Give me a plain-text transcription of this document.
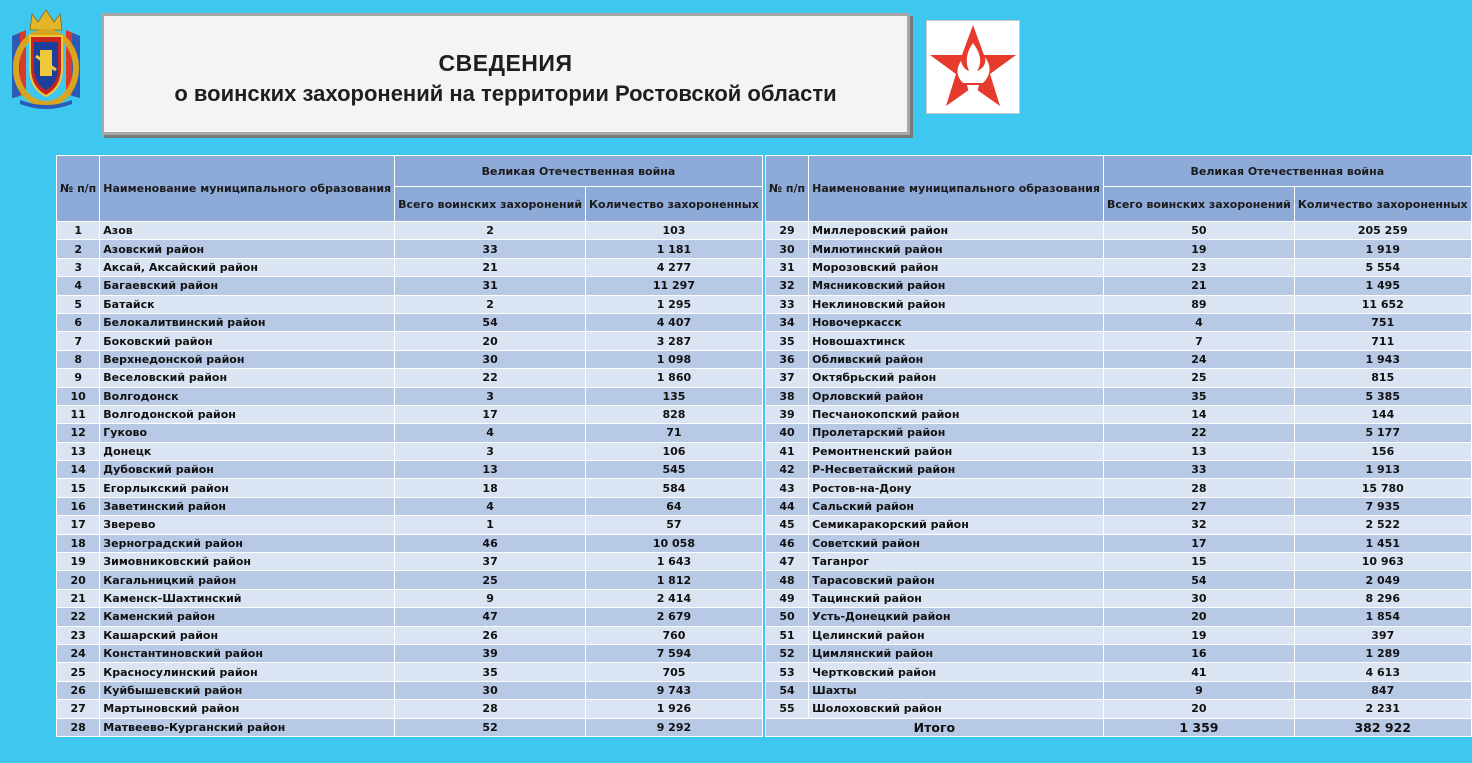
СВЕДЕНИЯ
о воинских захоронений на территории Ростовской области
№ п/п	Наименование муниципального образования	Великая Отечественная война	
		Всего воинских захоронений	Количество захороненных
1	Азов	2	103
2	Азовский район	33	1 181
3	Аксай, Аксайский район	21	4 277
4	Багаевский район	31	11 297
5	Батайск	2	1 295
6	Белокалитвинский район	54	4 407
7	Боковский район	20	3 287
8	Верхнедонской район	30	1 098
9	Веселовский район	22	1 860
10	Волгодонск	3	135
11	Волгодонской район	17	828
12	Гуково	4	71
13	Донецк	3	106
14	Дубовский район	13	545
15	Егорлыкский район	18	584
16	Заветинский район	4	64
17	Зверево	1	57
18	Зерноградский район	46	10 058
19	Зимовниковский район	37	1 643
20	Кагальницкий район	25	1 812
21	Каменск-Шахтинский	9	2 414
22	Каменский район	47	2 679
23	Кашарский район	26	760
24	Константиновский район	39	7 594
25	Красносулинский район	35	705
26	Куйбышевский район	30	9 743
27	Мартыновский район	28	1 926
28	Матвеево-Курганский район	52	9 292
№ п/п	Наименование муниципального образования	Великая Отечественная война	
		Всего воинских захоронений	Количество захороненных
29	Миллеровский район	50	205 259
30	Милютинский район	19	1 919
31	Морозовский район	23	5 554
32	Мясниковский район	21	1 495
33	Неклиновский район	89	11 652
34	Новочеркасск	4	751
35	Новошахтинск	7	711
36	Обливский район	24	1 943
37	Октябрьский район	25	815
38	Орловский район	35	5 385
39	Песчанокопский район	14	144
40	Пролетарский район	22	5 177
41	Ремонтненский район	13	156
42	Р-Несветайский район	33	1 913
43	Ростов-на-Дону	28	15 780
44	Сальский район	27	7 935
45	Семикаракорский район	32	2 522
46	Советский район	17	1 451
47	Таганрог	15	10 963
48	Тарасовский район	54	2 049
49	Тацинский район	30	8 296
50	Усть-Донецкий район	20	1 854
51	Целинский район	19	397
52	Цимлянский район	16	1 289
53	Чертковский район	41	4 613
54	Шахты	9	847
55	Шолоховский район	20	2 231
Итого		1 359	382 922
